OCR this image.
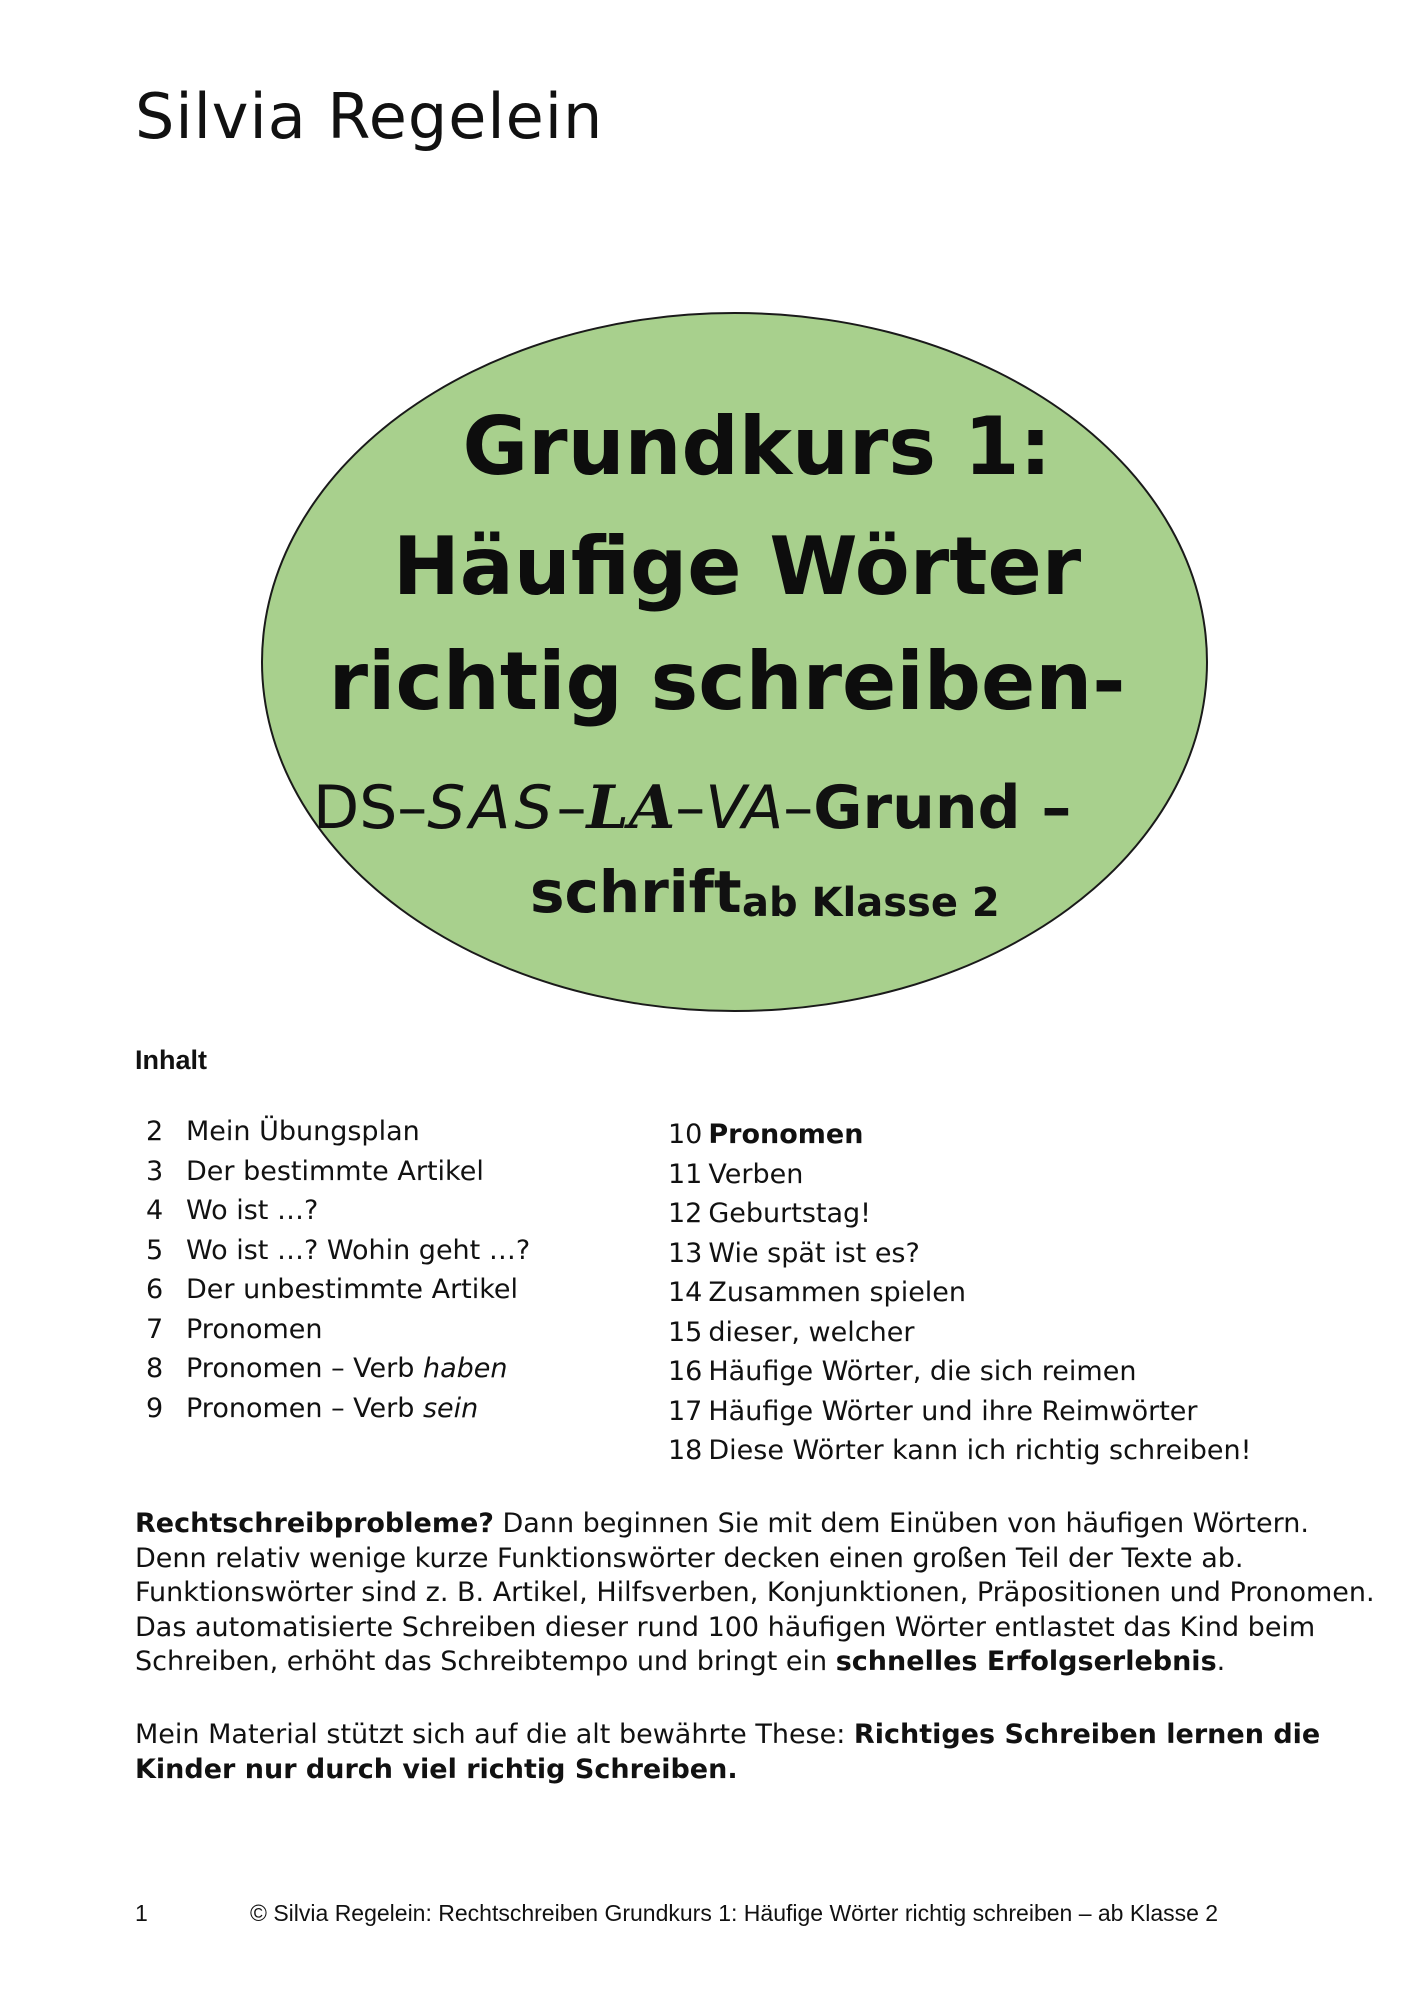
Silvia Regelein
Grundkurs 1:
Häufige Wörter
richtig schreiben-
DS–SAS–LA–VA–Grund –
schrift ab Klasse 2
Inhalt
2 Mein Übungsplan
3 Der bestimmte Artikel
4 Wo ist …?
5 Wo ist …? Wohin geht …?
6 Der unbestimmte Artikel
7 Pronomen
8 Pronomen – Verb haben
9 Pronomen – Verb sein
10 Pronomen
11 Verben
12 Geburtstag!
13 Wie spät ist es?
14 Zusammen spielen
15 dieser, welcher
16 Häufige Wörter, die sich reimen
17 Häufige Wörter und ihre Reimwörter
18 Diese Wörter kann ich richtig schreiben!
Rechtschreibprobleme? Dann beginnen Sie mit dem Einüben von häufigen Wörtern. Denn relativ wenige kurze Funktionswörter decken einen großen Teil der Texte ab. Funktionswörter sind z. B. Artikel, Hilfsverben, Konjunktionen, Präpositionen und Pronomen. Das automatisierte Schreiben dieser rund 100 häufigen Wörter entlastet das Kind beim Schreiben, erhöht das Schreibtempo und bringt ein schnelles Erfolgserlebnis.
Mein Material stützt sich auf die alt bewährte These: Richtiges Schreiben lernen die Kinder nur durch viel richtig Schreiben.
1	© Silvia Regelein: Rechtschreiben Grundkurs 1: Häufige Wörter richtig schreiben – ab Klasse 2
